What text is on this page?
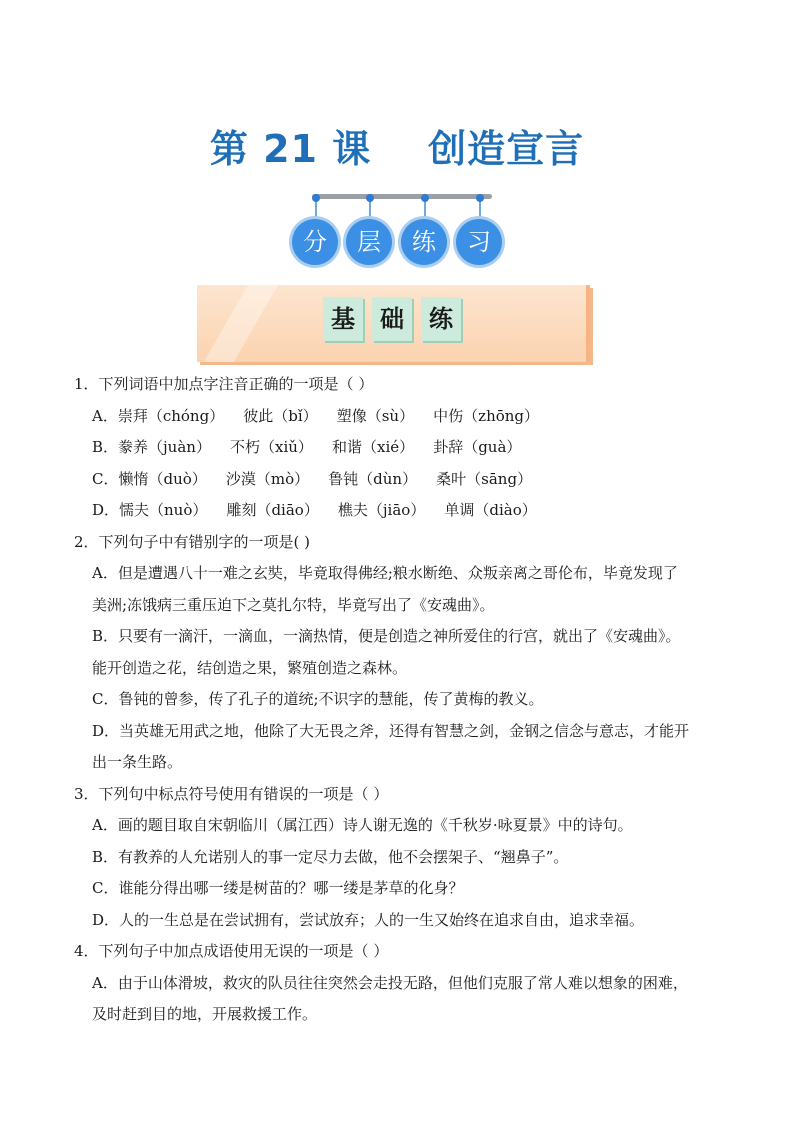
第 21 课    创造宣言
分	层	练	习
基	础	练
1．下列词语中加点字注音正确的一项是（ ）
A．崇拜（chóng）    彼此（bǐ）    塑像（sù）    中伤（zhōng）
B．豢养（juàn）    不朽（xiǔ）    和谐（xié）    卦辞（guà）
C．懒惰（duò）    沙漠（mò）    鲁钝（dùn）    桑叶（sāng）
D．懦夫（nuò）    雕刻（diāo）    樵夫（jiāo）    单调（diào）
2．下列句子中有错别字的一项是( )
A．但是遭遇八十一难之玄奘，毕竟取得佛经;粮水断绝、众叛亲离之哥伦布，毕竟发现了
美洲;冻饿病三重压迫下之莫扎尔特，毕竟写出了《安魂曲》。
B．只要有一滴汗，一滴血，一滴热情，便是创造之神所爱住的行宫，就出了《安魂曲》。
能开创造之花，结创造之果，繁殖创造之森林。
C．鲁钝的曾参，传了孔子的道统;不识字的慧能，传了黄梅的教义。
D．当英雄无用武之地，他除了大无畏之斧，还得有智慧之剑，金钢之信念与意志，才能开
出一条生路。
3．下列句中标点符号使用有错误的一项是（ ）
A．画的题目取自宋朝临川（属江西）诗人谢无逸的《千秋岁·咏夏景》中的诗句。
B．有教养的人允诺别人的事一定尽力去做，他不会摆架子、“翘鼻子”。
C．谁能分得出哪一缕是树苗的？哪一缕是茅草的化身？
D．人的一生总是在尝试拥有，尝试放弃；人的一生又始终在追求自由，追求幸福。
4．下列句子中加点成语使用无误的一项是（ ）
A．由于山体滑坡，救灾的队员往往突然会走投无路，但他们克服了常人难以想象的困难，
及时赶到目的地，开展救援工作。
